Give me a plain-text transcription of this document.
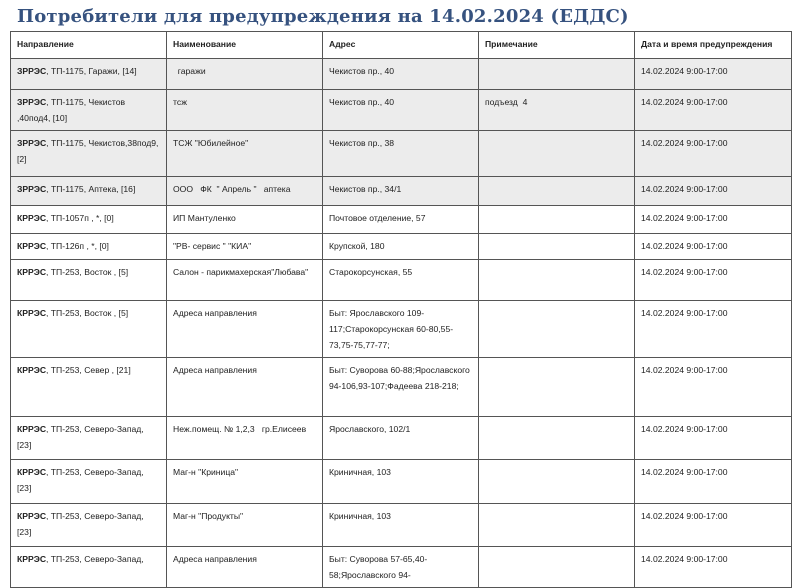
Потребители для предупреждения на 14.02.2024 (ЕДДС)
Направление	Наименование	Адрес	Примечание	Дата и время предупреждения
ЗРРЭС, ТП-1175, Гаражи, [14]	гаражи	Чекистов пр., 40		14.02.2024 9:00-17:00
ЗРРЭС, ТП-1175, Чекистов ,40под4, [10]	тсж	Чекистов пр., 40	подъезд  4	14.02.2024 9:00-17:00
ЗРРЭС, ТП-1175, Чекистов,38под9, [2]	ТСЖ "Юбилейное"	Чекистов пр., 38		14.02.2024 9:00-17:00
ЗРРЭС, ТП-1175, Аптека, [16]	ООО   ФК  " Апрель "   аптека	Чекистов пр., 34/1		14.02.2024 9:00-17:00
КРРЭС, ТП-1057п , *, [0]	ИП Мантуленко	Почтовое отделение, 57		14.02.2024 9:00-17:00
КРРЭС, ТП-126п , *, [0]	"РВ- сервис " "КИА"	Крупской, 180		14.02.2024 9:00-17:00
КРРЭС, ТП-253, Восток , [5]	Салон - парикмахерская"Любава"	Старокорсунская, 55		14.02.2024 9:00-17:00
КРРЭС, ТП-253, Восток , [5]	Адреса направления	Быт: Ярославского 109-117;Старокорсунская 60-80,55-73,75-75,77-77;		14.02.2024 9:00-17:00
КРРЭС, ТП-253, Север , [21]	Адреса направления	Быт: Суворова 60-88;Ярославского 94-106,93-107;Фадеева 218-218;		14.02.2024 9:00-17:00
КРРЭС, ТП-253, Северо-Запад, [23]	Неж.помещ. № 1,2,3   гр.Елисеев	Ярославского, 102/1		14.02.2024 9:00-17:00
КРРЭС, ТП-253, Северо-Запад, [23]	Маг-н "Криница"	Криничная, 103		14.02.2024 9:00-17:00
КРРЭС, ТП-253, Северо-Запад, [23]	Маг-н "Продукты"	Криничная, 103		14.02.2024 9:00-17:00
КРРЭС, ТП-253, Северо-Запад,	Адреса направления	Быт: Суворова 57-65,40-58;Ярославского 94-		14.02.2024 9:00-17:00
